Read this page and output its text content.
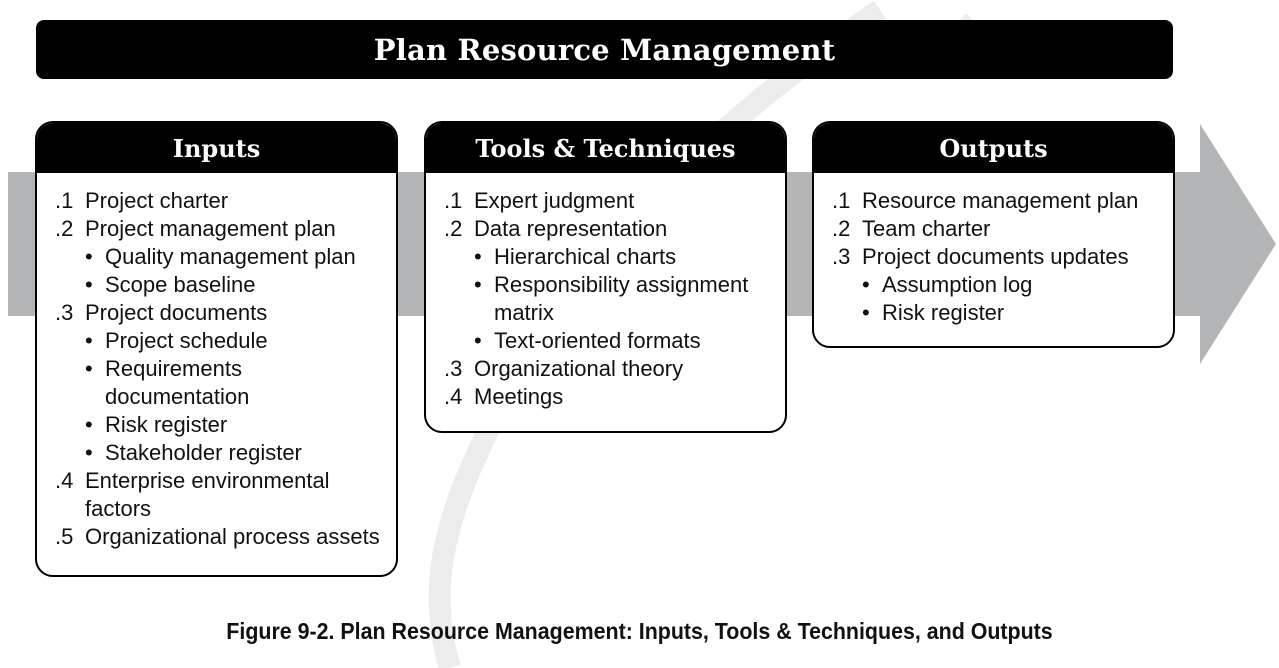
Plan Resource Management
Inputs
.1 Project charter
.2 Project management plan
• Quality management plan
• Scope baseline
.3 Project documents
• Project schedule
• Requirements documentation
• Risk register
• Stakeholder register
.4 Enterprise environmental factors
.5 Organizational process assets
Tools & Techniques
.1 Expert judgment
.2 Data representation
• Hierarchical charts
• Responsibility assignment matrix
• Text-oriented formats
.3 Organizational theory
.4 Meetings
Outputs
.1 Resource management plan
.2 Team charter
.3 Project documents updates
• Assumption log
• Risk register
Figure 9-2. Plan Resource Management: Inputs, Tools & Techniques, and Outputs
